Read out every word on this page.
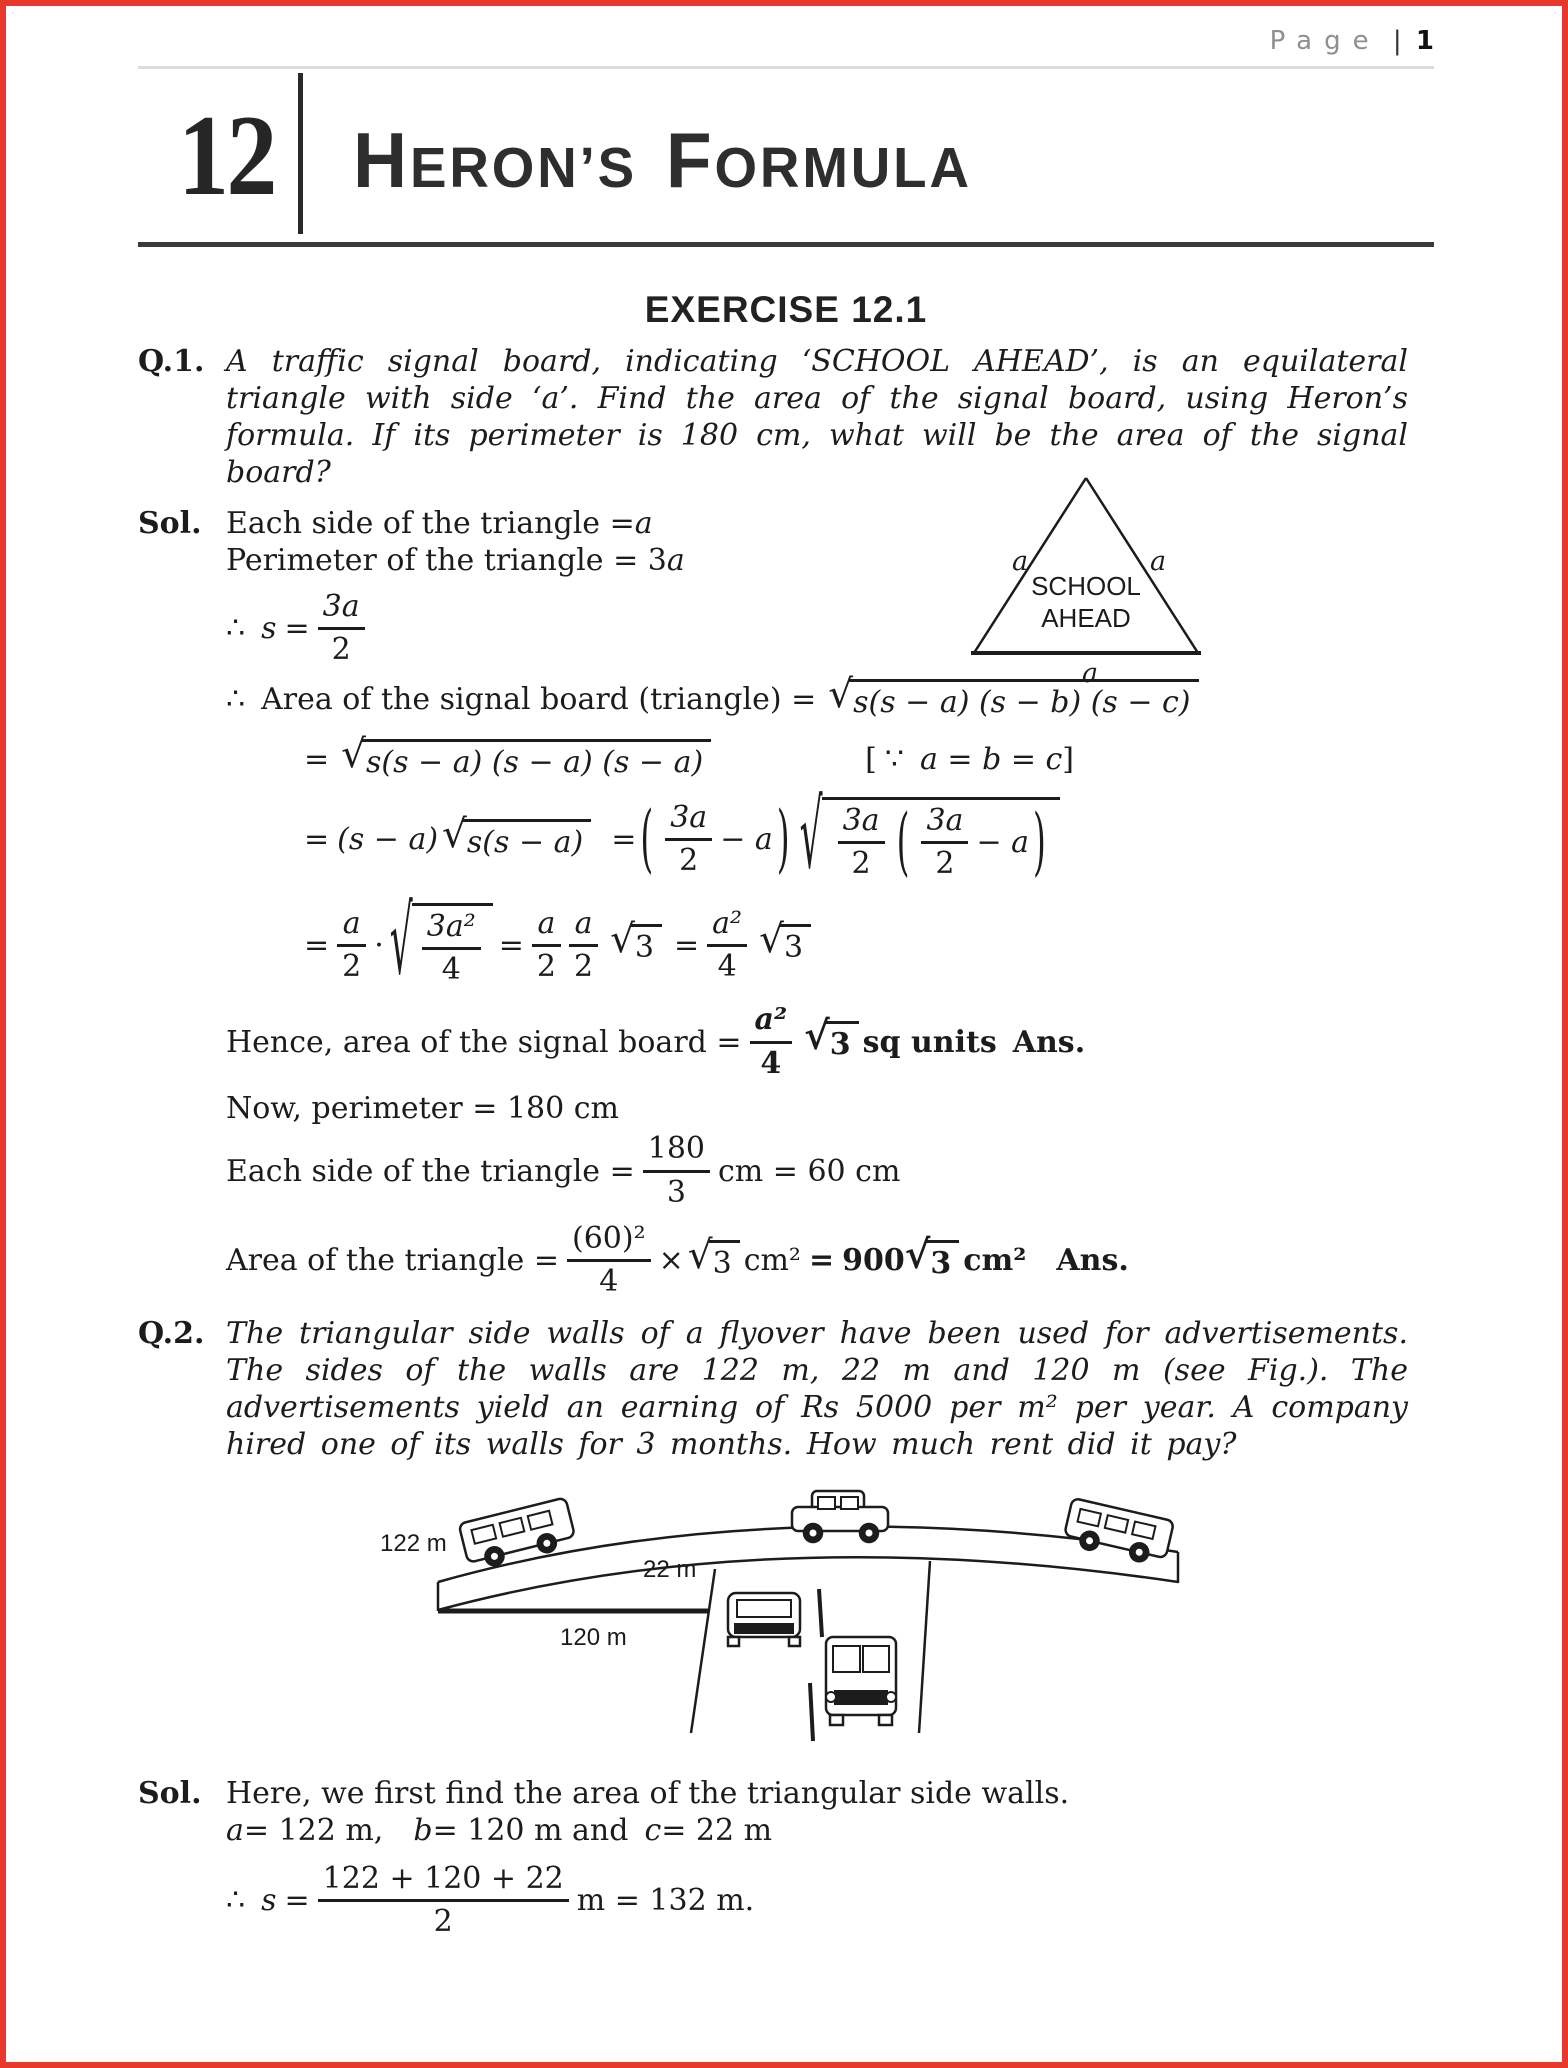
Page | 1
12 HERON’S FORMULA
EXERCISE 12.1
Q.1. A traffic signal board, indicating ‘SCHOOL AHEAD’, is an equilateral triangle with side ‘a’. Find the area of the signal board, using Heron’s formula. If its perimeter is 180 cm, what will be the area of the signal board?
Sol. Each side of the triangle = a
Perimeter of the triangle = 3 a
∴ $s = \frac{3a}{2}$
∴ Area of the signal board (triangle) = √ s(s − a) (s − b) (s − c)
= √ s(s − a) (s − a) (s − a)	[ ∵ a = b = c ]
= (s − a) √ s(s − a) = ( $\frac{3a}{2} - a$ ) √ $\frac{3a}{2}$ ( $\frac{3a}{2} - a$ )
= $\frac{a}{2}$ · √ $\frac{\text{3a²}}{4} = \frac{a}{2} \frac{a}{2}$ √ $3 = \frac{\text{a²}}{4}$ √ 3
Hence, area of the signal board = $\frac{\text{a²}}{4}$ √ 3 sq units Ans.
Now, perimeter = 180 cm
Each side of the triangle = $\frac{180}{3}$ cm = 60 cm
Area of the triangle = $\frac{\text{(60)²}}{4}$ × √ 3 cm² = 900 √ 3 cm² Ans.
Q.2. The triangular side walls of a flyover have been used for advertisements. The sides of the walls are 122 m, 22 m and 120 m (see Fig.). The advertisements yield an earning of Rs 5000 per m² per year. A company hired one of its walls for 3 months. How much rent did it pay?
122 m
22 m
120 m
Sol. Here, we first find the area of the triangular side walls.
a = 122 m, b = 120 m and c = 22 m
∴ $s = \frac{122 + 120 + 22}{2}$ m = 132 m.
a	a
a
SCHOOL
AHEAD
